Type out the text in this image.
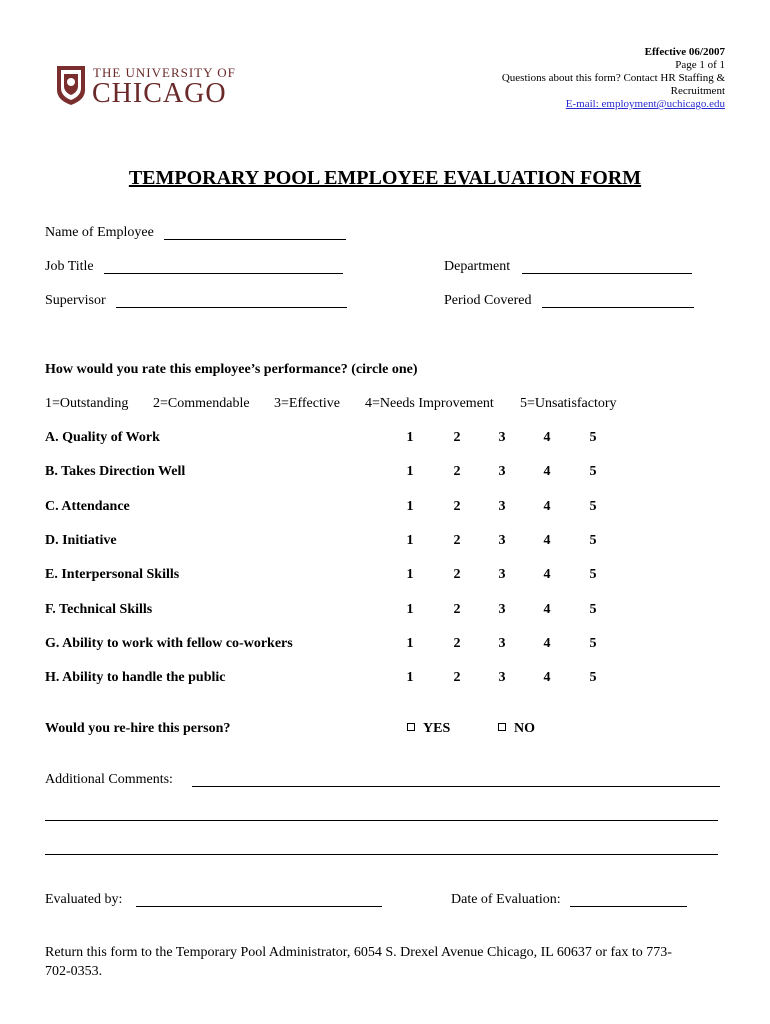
Effective 06/2007
Page 1 of 1
Questions about this form? Contact HR Staffing &
Recruitment
E-mail: employment@uchicago.edu
THE UNIVERSITY OF
CHICAGO
TEMPORARY POOL EMPLOYEE EVALUATION FORM
Name of Employee
Job Title	Department
Supervisor	Period Covered
How would you rate this employee’s performance? (circle one)
1=Outstanding 2=Commendable 3=Effective 4=Needs Improvement 5=Unsatisfactory
A. Quality of Work	1	2	3	4	5
B. Takes Direction Well	1	2	3	4	5
C. Attendance	1	2	3	4	5
D. Initiative	1	2	3	4	5
E. Interpersonal Skills	1	2	3	4	5
F. Technical Skills	1	2	3	4	5
G. Ability to work with fellow co-workers	1	2	3	4	5
H. Ability to handle the public	1	2	3	4	5
Would you re-hire this person?	YES	NO
Additional Comments:
Evaluated by:	Date of Evaluation:
Return this form to the Temporary Pool Administrator, 6054 S. Drexel Avenue Chicago, IL 60637 or fax to 773-
702-0353.
